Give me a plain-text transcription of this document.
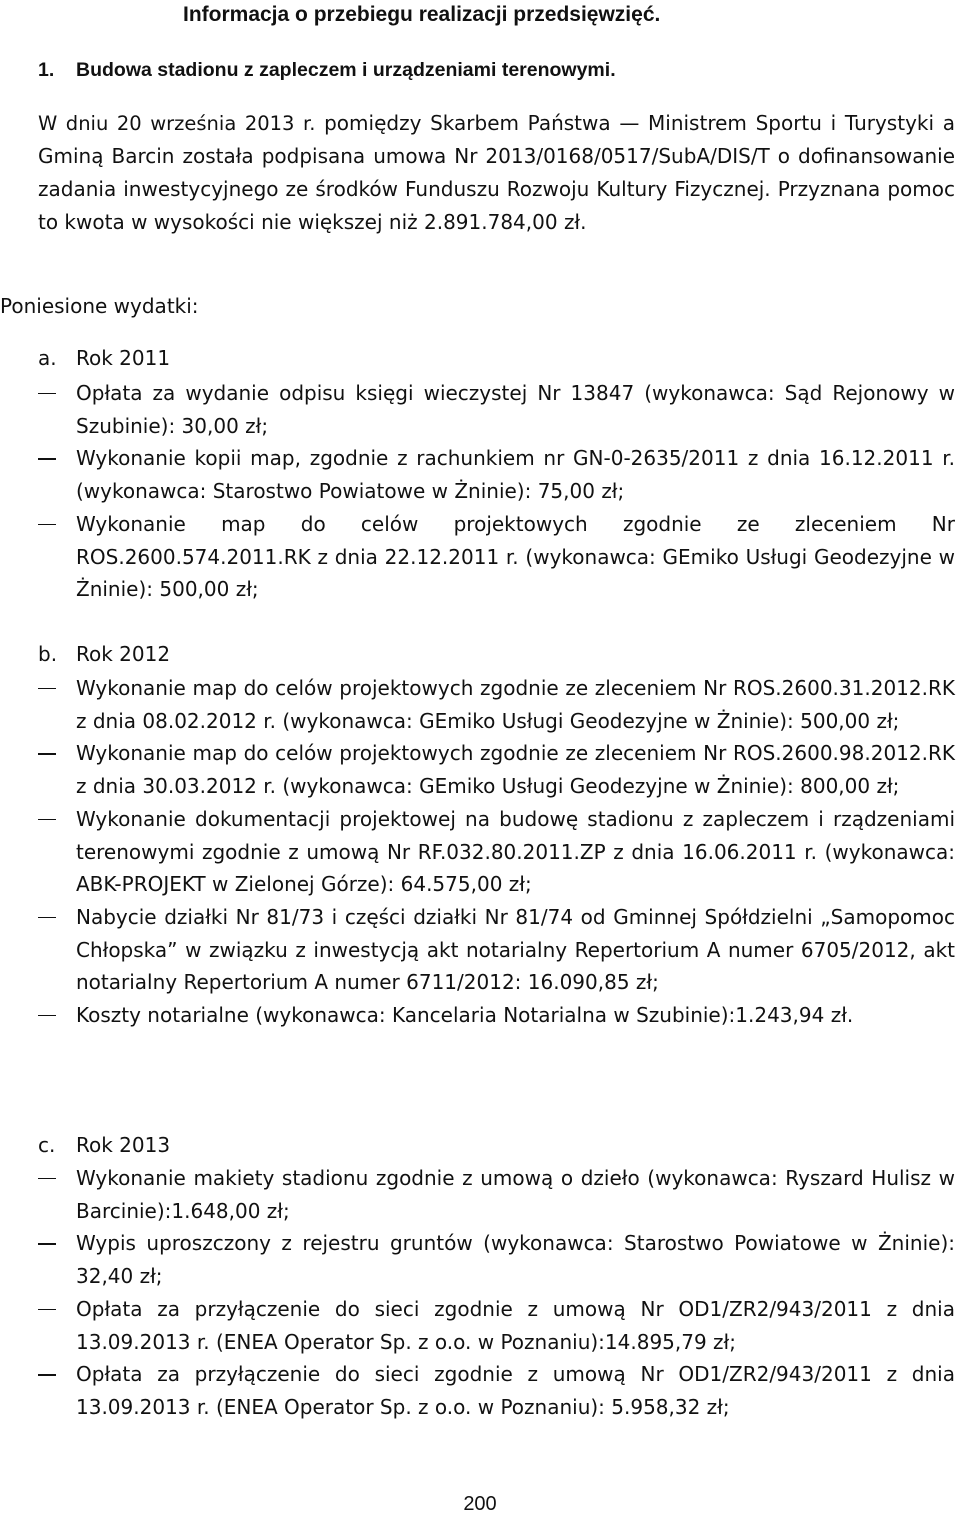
Informacja o przebiegu realizacji przedsięwzięć.
1. Budowa stadionu z zapleczem i urządzeniami terenowymi.
W dniu 20 września 2013 r. pomiędzy Skarbem Państwa — Ministrem Sportu i Turystyki a Gminą Barcin została podpisana umowa Nr 2013/0168/0517/SubA/DIS/T o dofinansowanie zadania inwestycyjnego ze środków Funduszu Rozwoju Kultury Fizycznej. Przyznana pomoc to kwota w wysokości nie większej niż 2.891.784,00 zł.
Poniesione wydatki:
a. Rok 2011
Opłata za wydanie odpisu księgi wieczystej Nr 13847 (wykonawca: Sąd Rejonowy w Szubinie): 30,00 zł;
Wykonanie kopii map, zgodnie z rachunkiem nr GN-0-2635/2011 z dnia 16.12.2011 r. (wykonawca: Starostwo Powiatowe w Żninie): 75,00 zł;
Wykonanie map do celów projektowych zgodnie ze zleceniem Nr ROS.2600.574.2011.RK z dnia 22.12.2011 r. (wykonawca: GEmiko Usługi Geodezyjne w Żninie): 500,00 zł;
b. Rok 2012
Wykonanie map do celów projektowych zgodnie ze zleceniem Nr ROS.2600.31.2012.RK z dnia 08.02.2012 r. (wykonawca: GEmiko Usługi Geodezyjne w Żninie): 500,00 zł;
Wykonanie map do celów projektowych zgodnie ze zleceniem Nr ROS.2600.98.2012.RK z dnia 30.03.2012 r. (wykonawca: GEmiko Usługi Geodezyjne w Żninie): 800,00 zł;
Wykonanie dokumentacji projektowej na budowę stadionu z zapleczem i rządzeniami terenowymi zgodnie z umową Nr RF.032.80.2011.ZP z dnia 16.06.2011 r. (wykonawca: ABK-PROJEKT w Zielonej Górze): 64.575,00 zł;
Nabycie działki Nr 81/73 i części działki Nr 81/74 od Gminnej Spółdzielni „Samopomoc Chłopska” w związku z inwestycją akt notarialny Repertorium A numer 6705/2012, akt notarialny Repertorium A numer 6711/2012: 16.090,85 zł;
Koszty notarialne (wykonawca: Kancelaria Notarialna w Szubinie):1.243,94 zł.
c. Rok 2013
Wykonanie makiety stadionu zgodnie z umową o dzieło (wykonawca: Ryszard Hulisz w Barcinie):1.648,00 zł;
Wypis uproszczony z rejestru gruntów (wykonawca: Starostwo Powiatowe w Żninie): 32,40 zł;
Opłata za przyłączenie do sieci zgodnie z umową Nr OD1/ZR2/943/2011 z dnia 13.09.2013 r. (ENEA Operator Sp. z o.o. w Poznaniu):14.895,79 zł;
Opłata za przyłączenie do sieci zgodnie z umową Nr OD1/ZR2/943/2011 z dnia 13.09.2013 r. (ENEA Operator Sp. z o.o. w Poznaniu): 5.958,32 zł;
200
